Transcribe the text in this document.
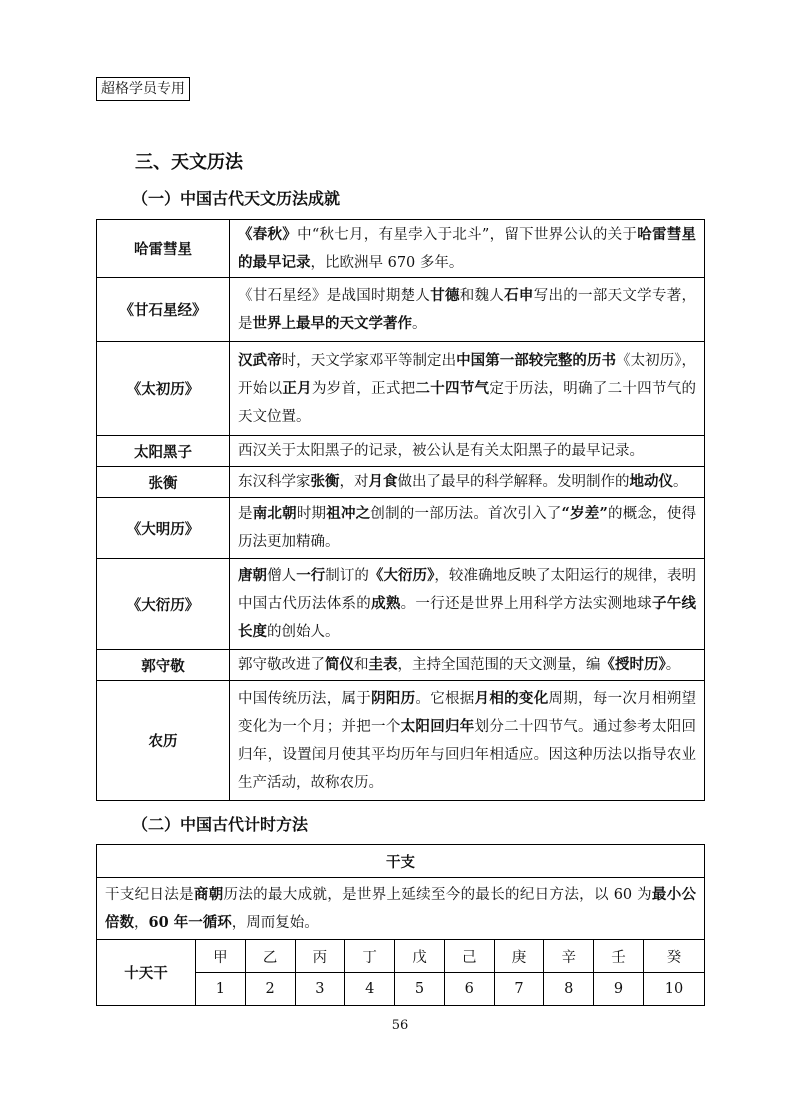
超格学员专用
三、天文历法
（一）中国古代天文历法成就
哈雷彗星	《春秋》中“秋七月，有星孛入于北斗”，留下世界公认的关于哈雷彗星的最早记录，比欧洲早 670 多年。
《甘石星经》	《甘石星经》是战国时期楚人甘德和魏人石申写出的一部天文学专著，是世界上最早的天文学著作。
《太初历》	汉武帝时，天文学家邓平等制定出中国第一部较完整的历书《太初历》，开始以正月为岁首，正式把二十四节气定于历法，明确了二十四节气的天文位置。
太阳黑子	西汉关于太阳黑子的记录，被公认是有关太阳黑子的最早记录。
张衡	东汉科学家张衡，对月食做出了最早的科学解释。发明制作的地动仪。
《大明历》	是南北朝时期祖冲之创制的一部历法。首次引入了“岁差”的概念，使得历法更加精确。
《大衍历》	唐朝僧人一行制订的《大衍历》，较准确地反映了太阳运行的规律，表明中国古代历法体系的成熟。一行还是世界上用科学方法实测地球子午线长度的创始人。
郭守敬	郭守敬改进了简仪和圭表，主持全国范围的天文测量，编《授时历》。
农历	中国传统历法，属于阴阳历。它根据月相的变化周期，每一次月相朔望变化为一个月；并把一个太阳回归年划分二十四节气。通过参考太阳回归年，设置闰月使其平均历年与回归年相适应。因这种历法以指导农业生产活动，故称农历。
（二）中国古代计时方法
干支										
干支纪日法是商朝历法的最大成就，是世界上延续至今的最长的纪日方法，以 60 为最小公倍数，60 年一循环，周而复始。										
十天干	甲	乙	丙	丁	戊	己	庚	辛	壬	癸
	1	2	3	4	5	6	7	8	9	10
56
